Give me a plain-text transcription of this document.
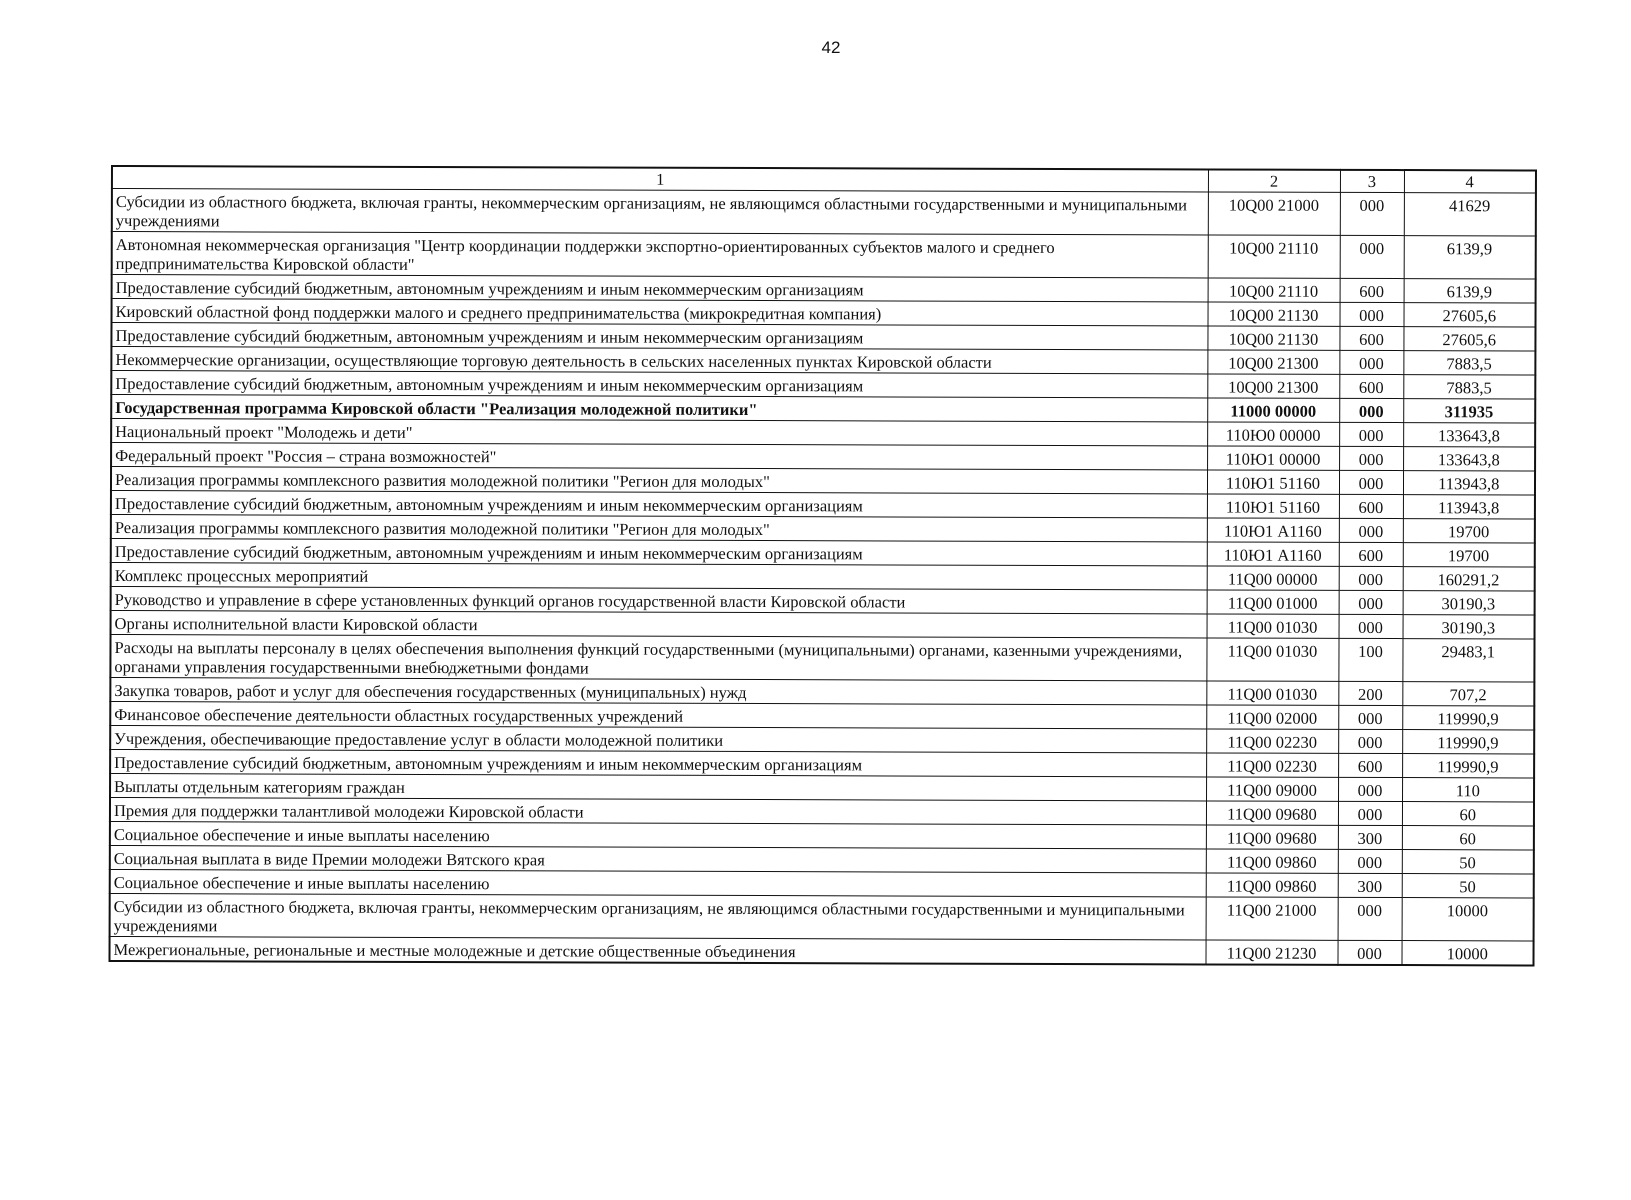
42
1	2	3	4
Субсидии из областного бюджета, включая гранты, некоммерческим организациям, не являющимся областными государственными и муниципальными учреждениями	10Q00 21000	000	41629
Автономная некоммерческая организация "Центр координации поддержки экспортно-ориентированных субъектов малого и среднего предпринимательства Кировской области"	10Q00 21110	000	6139,9
Предоставление субсидий бюджетным, автономным учреждениям и иным некоммерческим организациям	10Q00 21110	600	6139,9
Кировский областной фонд поддержки малого и среднего предпринимательства (микрокредитная компания)	10Q00 21130	000	27605,6
Предоставление субсидий бюджетным, автономным учреждениям и иным некоммерческим организациям	10Q00 21130	600	27605,6
Некоммерческие организации, осуществляющие торговую деятельность в сельских населенных пунктах Кировской области	10Q00 21300	000	7883,5
Предоставление субсидий бюджетным, автономным учреждениям и иным некоммерческим организациям	10Q00 21300	600	7883,5
Государственная программа Кировской области "Реализация молодежной политики"	11000 00000	000	311935
Национальный проект "Молодежь и дети"	110Ю0 00000	000	133643,8
Федеральный проект "Россия – страна возможностей"	110Ю1 00000	000	133643,8
Реализация программы комплексного развития молодежной политики "Регион для молодых"	110Ю1 51160	000	113943,8
Предоставление субсидий бюджетным, автономным учреждениям и иным некоммерческим организациям	110Ю1 51160	600	113943,8
Реализация программы комплексного развития молодежной политики "Регион для молодых"	110Ю1 А1160	000	19700
Предоставление субсидий бюджетным, автономным учреждениям и иным некоммерческим организациям	110Ю1 А1160	600	19700
Комплекс процессных мероприятий	11Q00 00000	000	160291,2
Руководство и управление в сфере установленных функций органов государственной власти Кировской области	11Q00 01000	000	30190,3
Органы исполнительной власти Кировской области	11Q00 01030	000	30190,3
Расходы на выплаты персоналу в целях обеспечения выполнения функций государственными (муниципальными) органами, казенными учреждениями, органами управления государственными внебюджетными фондами	11Q00 01030	100	29483,1
Закупка товаров, работ и услуг для обеспечения государственных (муниципальных) нужд	11Q00 01030	200	707,2
Финансовое обеспечение деятельности областных государственных учреждений	11Q00 02000	000	119990,9
Учреждения, обеспечивающие предоставление услуг в области молодежной политики	11Q00 02230	000	119990,9
Предоставление субсидий бюджетным, автономным учреждениям и иным некоммерческим организациям	11Q00 02230	600	119990,9
Выплаты отдельным категориям граждан	11Q00 09000	000	110
Премия для поддержки талантливой молодежи Кировской области	11Q00 09680	000	60
Социальное обеспечение и иные выплаты населению	11Q00 09680	300	60
Социальная выплата в виде Премии молодежи Вятского края	11Q00 09860	000	50
Социальное обеспечение и иные выплаты населению	11Q00 09860	300	50
Субсидии из областного бюджета, включая гранты, некоммерческим организациям, не являющимся областными государственными и муниципальными учреждениями	11Q00 21000	000	10000
Межрегиональные, региональные и местные молодежные и детские общественные объединения	11Q00 21230	000	10000
